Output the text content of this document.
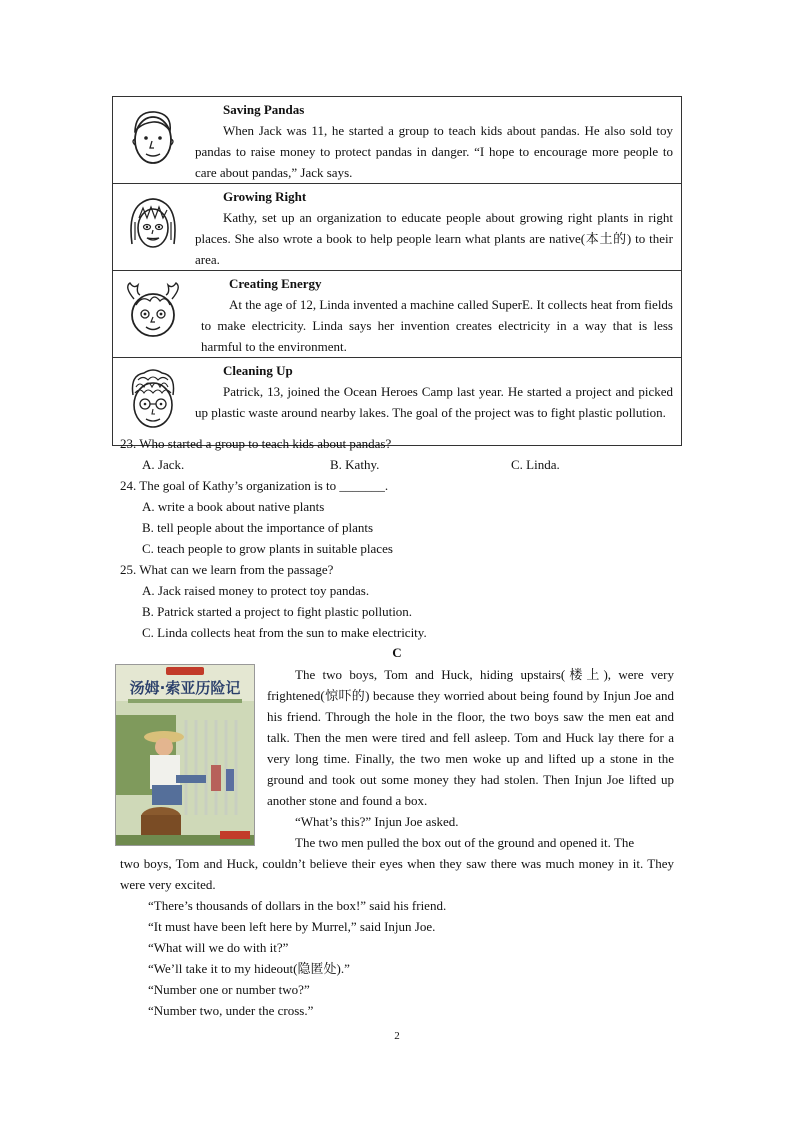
Saving Pandas

When Jack was 11, he started a group to teach kids about pandas. He also sold toy pandas to raise money to protect pandas in danger. “I hope to encourage more people to care about pandas,” Jack says.

Growing Right

Kathy, set up an organization to educate people about growing right plants in right places. She also wrote a book to help people learn what plants are native(本土的) to their area.

Creating Energy

At the age of 12, Linda invented a machine called SuperE. It collects heat from fields to make electricity. Linda says her invention creates electricity in a way that is less harmful to the environment.

Cleaning Up

Patrick, 13, joined the Ocean Heroes Camp last year. He started a project and picked up plastic waste around nearby lakes. The goal of the project was to fight plastic pollution.

23. Who started a group to teach kids about pandas?

A. Jack.	B. Kathy.	C. Linda.

24. The goal of Kathy’s organization is to _______.

A. write a book about native plants

B. tell people about the importance of plants

C. teach people to grow plants in suitable places

25. What can we learn from the passage?

A. Jack raised money to protect toy pandas.

B. Patrick started a project to fight plastic pollution.

C. Linda collects heat from the sun to make electricity.

C
汤姆·索亚历险记

The two boys, Tom and Huck, hiding upstairs(楼上), were very frightened(惊吓的) because they worried about being found by Injun Joe and his friend. Through the hole in the floor, the two boys saw the men eat and talk. Then the men were tired and fell asleep. Tom and Huck lay there for a very long time. Finally, the two men woke up and lifted up a stone in the ground and took out some money they had stolen. Then Injun Joe lifted up another stone and found a box.

“What’s this?” Injun Joe asked.

The two men pulled the box out of the ground and opened it. The

two boys, Tom and Huck, couldn’t believe their eyes when they saw there was much money in it. They were very excited.

“There’s thousands of dollars in the box!” said his friend.

“It must have been left here by Murrel,” said Injun Joe.

“What will we do with it?”

“We’ll take it to my hideout(隐匿处).”

“Number one or number two?”

“Number two, under the cross.”

2
